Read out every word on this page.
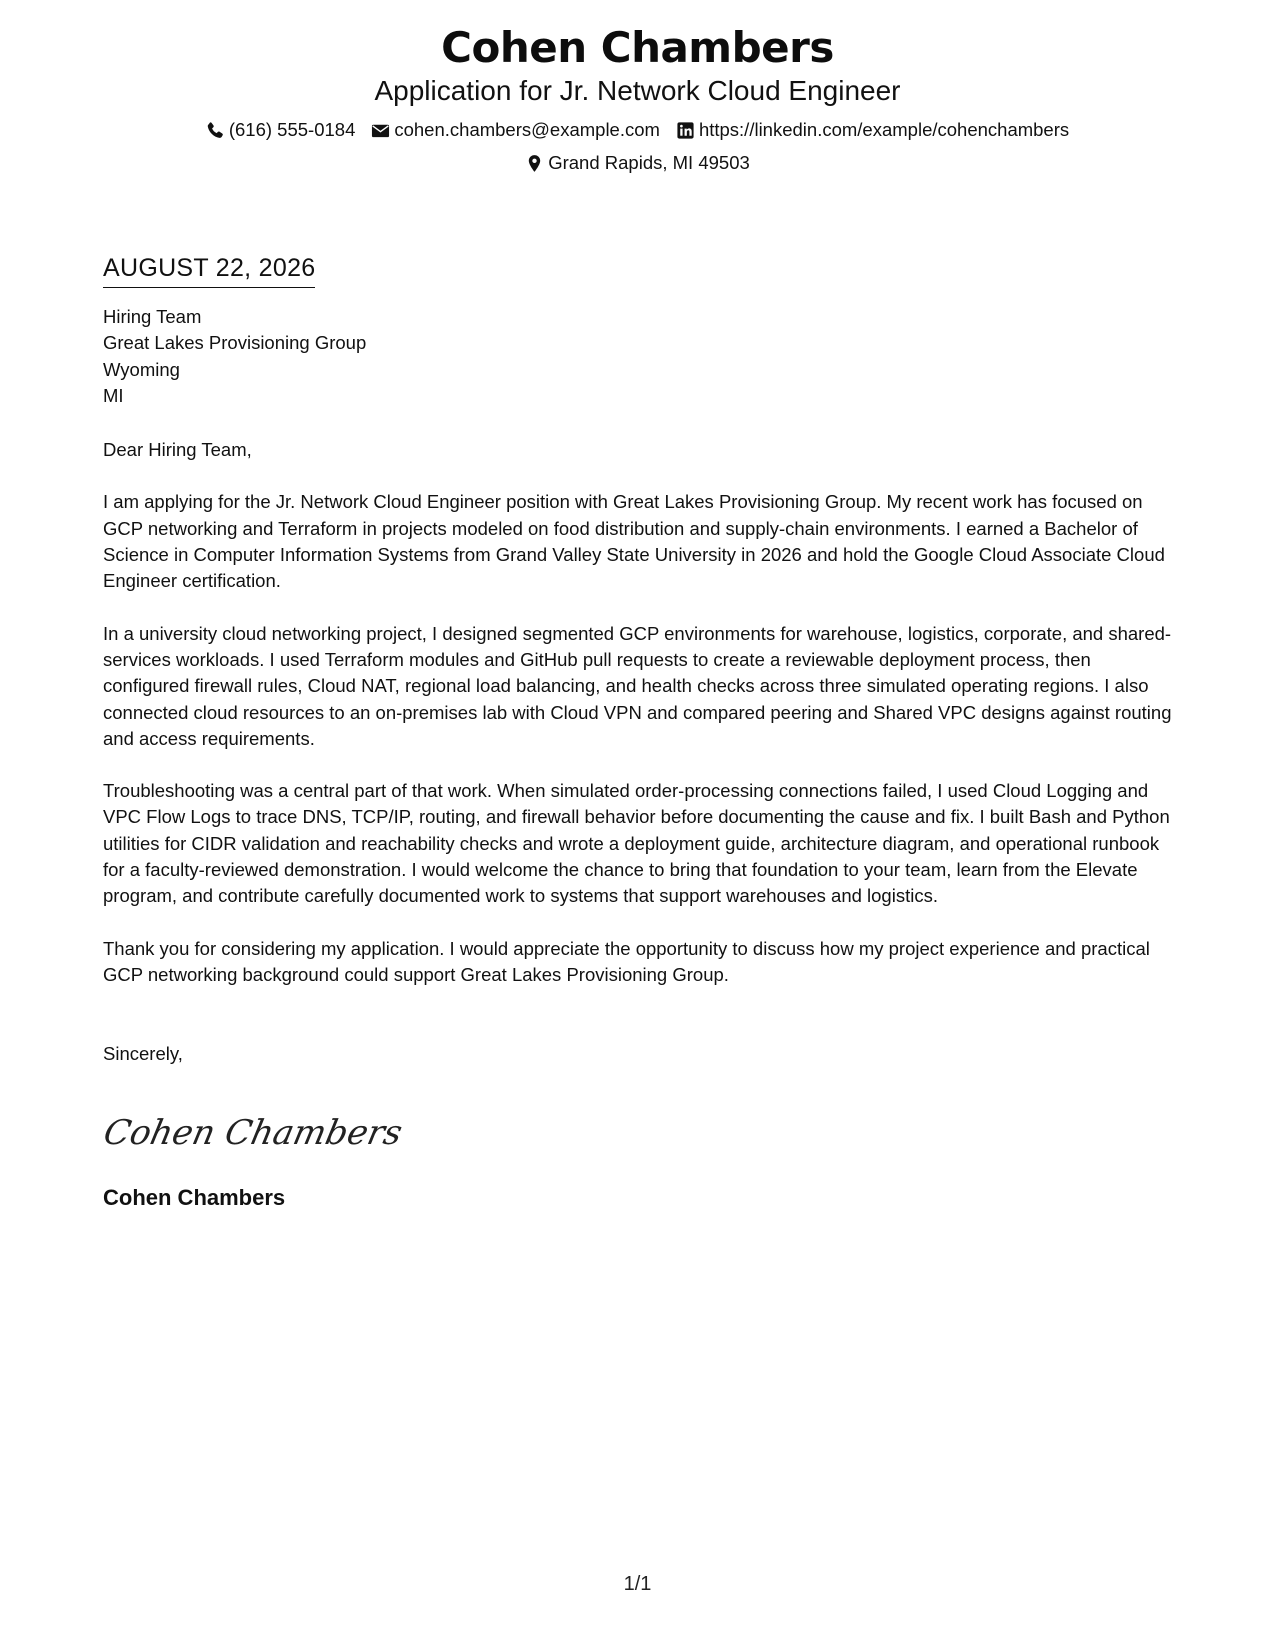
Cohen Chambers
Application for Jr. Network Cloud Engineer
(616) 555-0184 cohen.chambers@example.com https://linkedin.com/example/cohenchambers
Grand Rapids, MI 49503
AUGUST 22, 2026
Hiring Team
Great Lakes Provisioning Group
Wyoming
MI
Dear Hiring Team,
I am applying for the Jr. Network Cloud Engineer position with Great Lakes Provisioning Group. My recent work has focused on GCP networking and Terraform in projects modeled on food distribution and supply-chain environments. I earned a Bachelor of Science in Computer Information Systems from Grand Valley State University in 2026 and hold the Google Cloud Associate Cloud Engineer certification.
In a university cloud networking project, I designed segmented GCP environments for warehouse, logistics, corporate, and shared-services workloads. I used Terraform modules and GitHub pull requests to create a reviewable deployment process, then configured firewall rules, Cloud NAT, regional load balancing, and health checks across three simulated operating regions. I also connected cloud resources to an on-premises lab with Cloud VPN and compared peering and Shared VPC designs against routing and access requirements.
Troubleshooting was a central part of that work. When simulated order-processing connections failed, I used Cloud Logging and VPC Flow Logs to trace DNS, TCP/IP, routing, and firewall behavior before documenting the cause and fix. I built Bash and Python utilities for CIDR validation and reachability checks and wrote a deployment guide, architecture diagram, and operational runbook for a faculty-reviewed demonstration. I would welcome the chance to bring that foundation to your team, learn from the Elevate program, and contribute carefully documented work to systems that support warehouses and logistics.
Thank you for considering my application. I would appreciate the opportunity to discuss how my project experience and practical GCP networking background could support Great Lakes Provisioning Group.
Sincerely,
Cohen Chambers
Cohen Chambers
1/1
